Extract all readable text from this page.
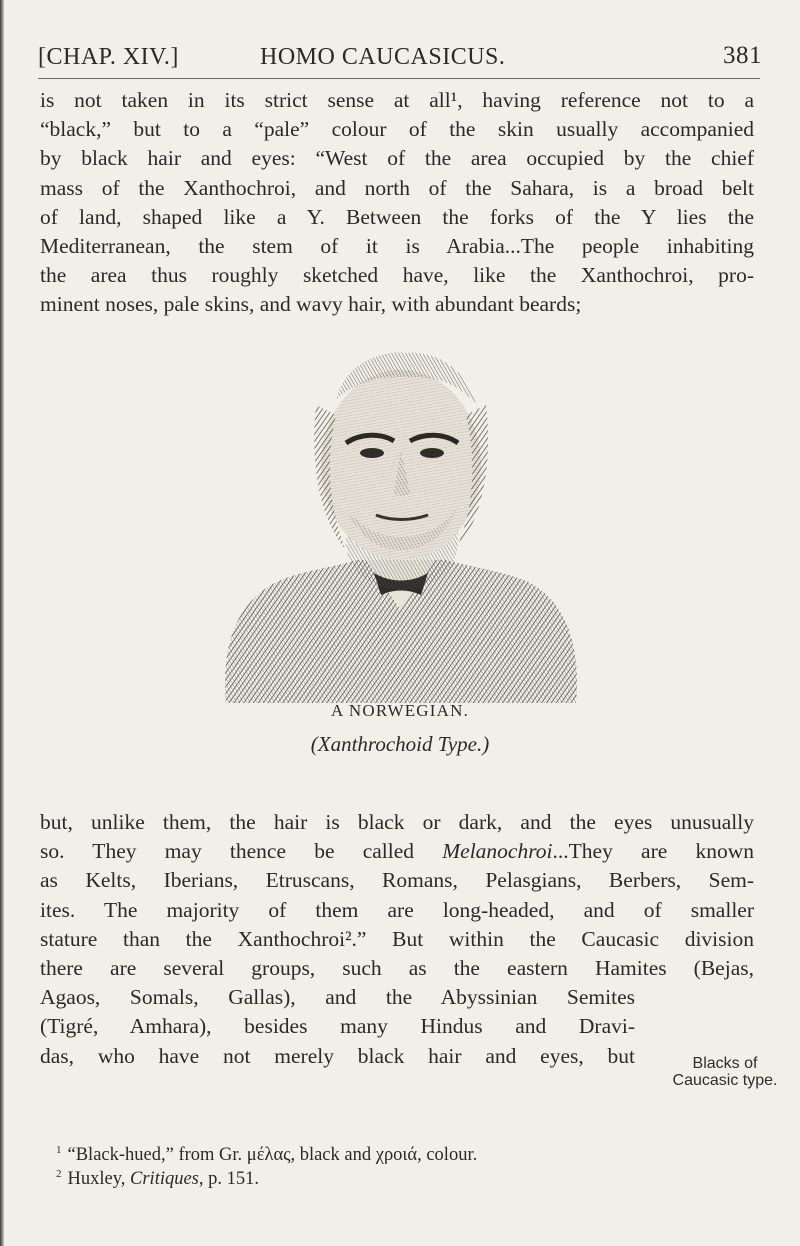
[CHAP. XIV.]	HOMO CAUCASICUS.	381
is not taken in its strict sense at all¹, having reference not to a
“black,” but to a “pale” colour of the skin usually accompanied
by black hair and eyes: “West of the area occupied by the chief
mass of the Xanthochroi, and north of the Sahara, is a broad belt
of land, shaped like a Y. Between the forks of the Y lies the
Mediterranean, the stem of it is Arabia...The people inhabiting
the area thus roughly sketched have, like the Xanthochroi, pro-
minent noses, pale skins, and wavy hair, with abundant beards;
A NORWEGIAN.
(Xanthrochoid Type.)
but, unlike them, the hair is black or dark, and the eyes unusually
so. They may thence be called Melanochroi...They are known
as Kelts, Iberians, Etruscans, Romans, Pelasgians, Berbers, Sem-
ites. The majority of them are long-headed, and of smaller
stature than the Xanthochroi².” But within the Caucasic division
there are several groups, such as the eastern Hamites (Bejas,
Agaos, Somals, Gallas), and the Abyssinian Semites
(Tigré, Amhara), besides many Hindus and Dravi-
das, who have not merely black hair and eyes, but	Blacks of
Caucasic type.
$^1$ “Black-hued,” from Gr. μέλας, black and χροιά, colour.
$^2$ Huxley, Critiques, p. 151.
